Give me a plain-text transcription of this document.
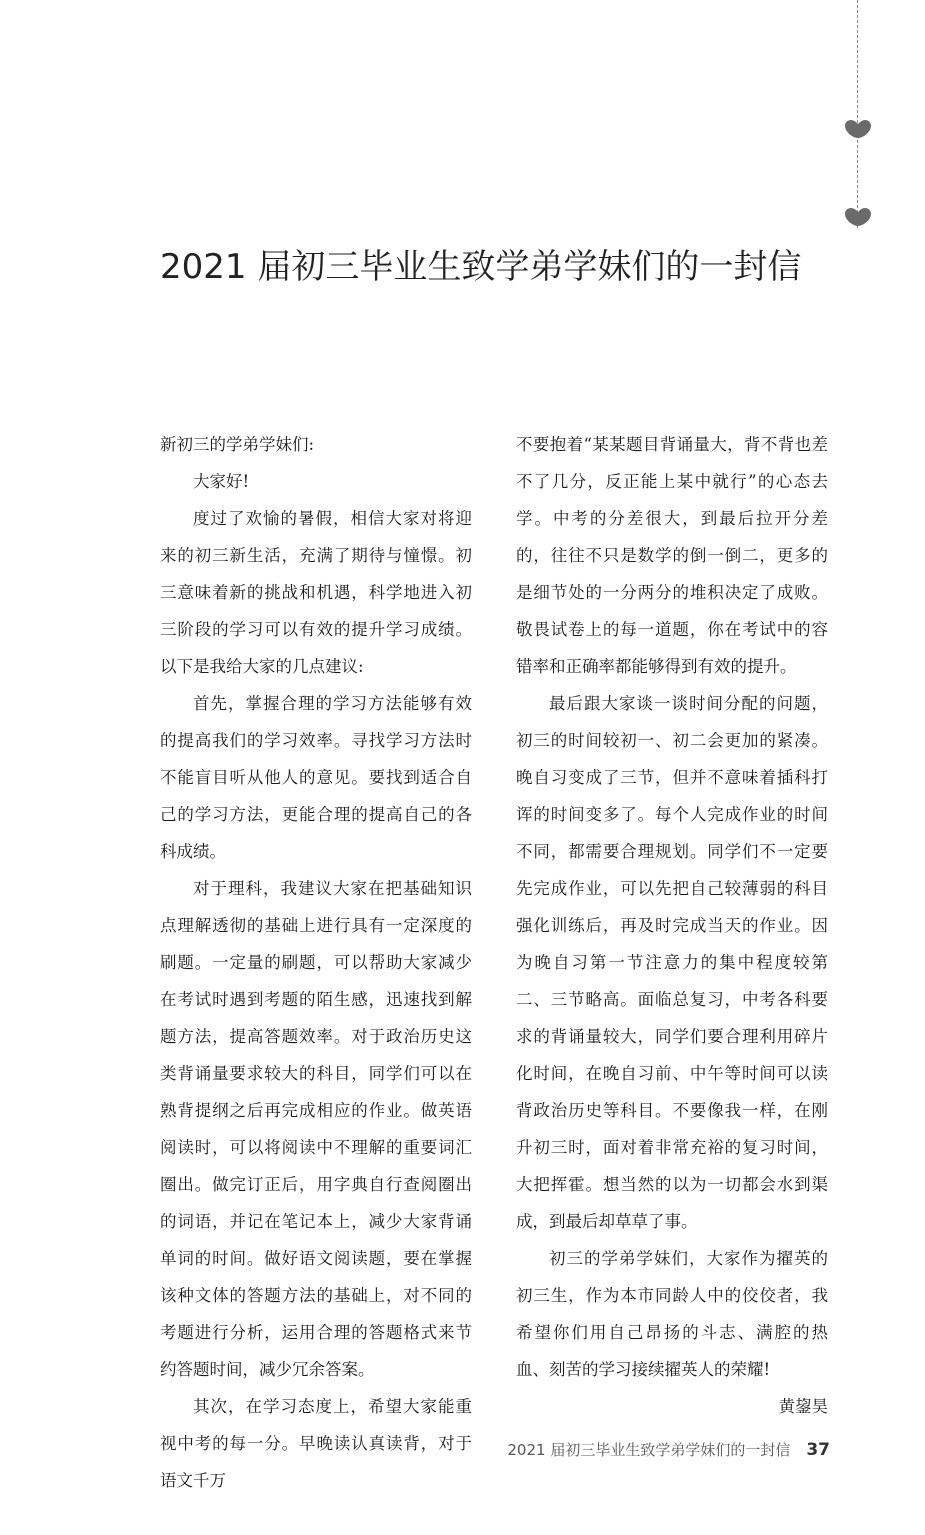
2021 届初三毕业生致学弟学妹们的一封信

新初三的学弟学妹们:

大家好!

度过了欢愉的暑假，相信大家对将迎来的初三新生活，充满了期待与憧憬。初三意味着新的挑战和机遇，科学地进入初三阶段的学习可以有效的提升学习成绩。以下是我给大家的几点建议:

首先，掌握合理的学习方法能够有效的提高我们的学习效率。寻找学习方法时不能盲目听从他人的意见。要找到适合自己的学习方法，更能合理的提高自己的各科成绩。

对于理科，我建议大家在把基础知识点理解透彻的基础上进行具有一定深度的刷题。一定量的刷题，可以帮助大家减少在考试时遇到考题的陌生感，迅速找到解题方法，提高答题效率。对于政治历史这类背诵量要求较大的科目，同学们可以在熟背提纲之后再完成相应的作业。做英语阅读时，可以将阅读中不理解的重要词汇圈出。做完订正后，用字典自行查阅圈出的词语，并记在笔记本上，减少大家背诵单词的时间。做好语文阅读题，要在掌握该种文体的答题方法的基础上，对不同的考题进行分析，运用合理的答题格式来节约答题时间，减少冗余答案。

其次，在学习态度上，希望大家能重视中考的每一分。早晚读认真读背，对于语文千万

不要抱着“某某题目背诵量大，背不背也差不了几分，反正能上某中就行”的心态去学。中考的分差很大，到最后拉开分差的，往往不只是数学的倒一倒二，更多的是细节处的一分两分的堆积决定了成败。敬畏试卷上的每一道题，你在考试中的容错率和正确率都能够得到有效的提升。

最后跟大家谈一谈时间分配的问题，初三的时间较初一、初二会更加的紧凑。晚自习变成了三节，但并不意味着插科打诨的时间变多了。每个人完成作业的时间不同，都需要合理规划。同学们不一定要先完成作业，可以先把自己较薄弱的科目强化训练后，再及时完成当天的作业。因为晚自习第一节注意力的集中程度较第二、三节略高。面临总复习，中考各科要求的背诵量较大，同学们要合理利用碎片化时间，在晚自习前、中午等时间可以读背政治历史等科目。不要像我一样，在刚升初三时，面对着非常充裕的复习时间，大把挥霍。想当然的以为一切都会水到渠成，到最后却草草了事。

初三的学弟学妹们，大家作为擢英的初三生，作为本市同龄人中的佼佼者，我希望你们用自己昂扬的斗志、满腔的热血、刻苦的学习接续擢英人的荣耀!

黄鋆昊

2021 届初三毕业生致学弟学妹们的一封信 37
